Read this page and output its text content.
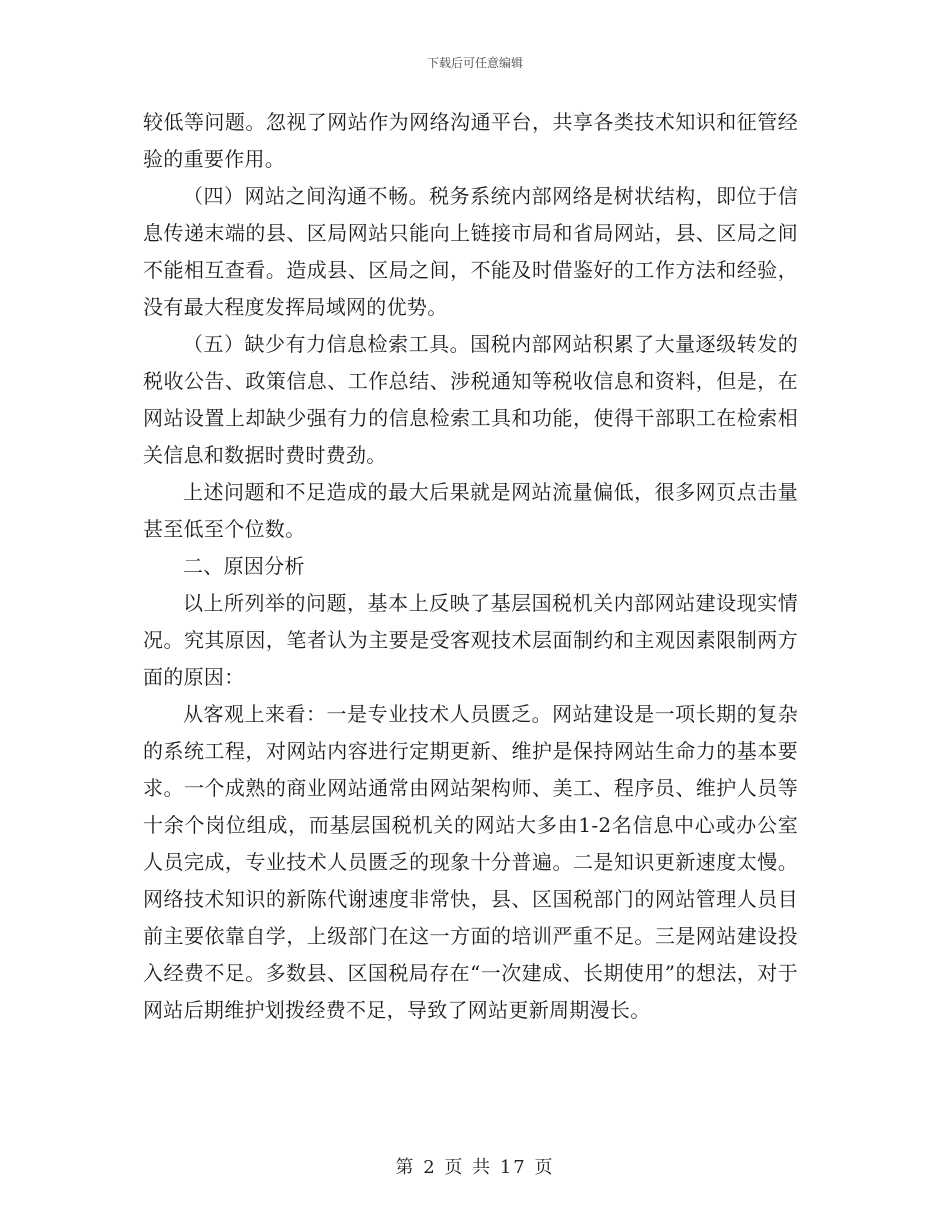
下载后可任意编辑

较低等问题。忽视了网站作为网络沟通平台，共享各类技术知识和征管经验的重要作用。

（四）网站之间沟通不畅。税务系统内部网络是树状结构，即位于信息传递末端的县、区局网站只能向上链接市局和省局网站，县、区局之间不能相互查看。造成县、区局之间，不能及时借鉴好的工作方法和经验，没有最大程度发挥局域网的优势。

（五）缺少有力信息检索工具。国税内部网站积累了大量逐级转发的税收公告、政策信息、工作总结、涉税通知等税收信息和资料，但是，在网站设置上却缺少强有力的信息检索工具和功能，使得干部职工在检索相关信息和数据时费时费劲。

上述问题和不足造成的最大后果就是网站流量偏低，很多网页点击量甚至低至个位数。

二、原因分析

以上所列举的问题，基本上反映了基层国税机关内部网站建设现实情况。究其原因，笔者认为主要是受客观技术层面制约和主观因素限制两方面的原因：

从客观上来看：一是专业技术人员匮乏。网站建设是一项长期的复杂的系统工程，对网站内容进行定期更新、维护是保持网站生命力的基本要求。一个成熟的商业网站通常由网站架构师、美工、程序员、维护人员等十余个岗位组成，而基层国税机关的网站大多由1-2名信息中心或办公室人员完成，专业技术人员匮乏的现象十分普遍。二是知识更新速度太慢。网络技术知识的新陈代谢速度非常快，县、区国税部门的网站管理人员目前主要依靠自学，上级部门在这一方面的培训严重不足。三是网站建设投入经费不足。多数县、区国税局存在“一次建成、长期使用”的想法，对于网站后期维护划拨经费不足，导致了网站更新周期漫长。

第 2 页 共 17 页
